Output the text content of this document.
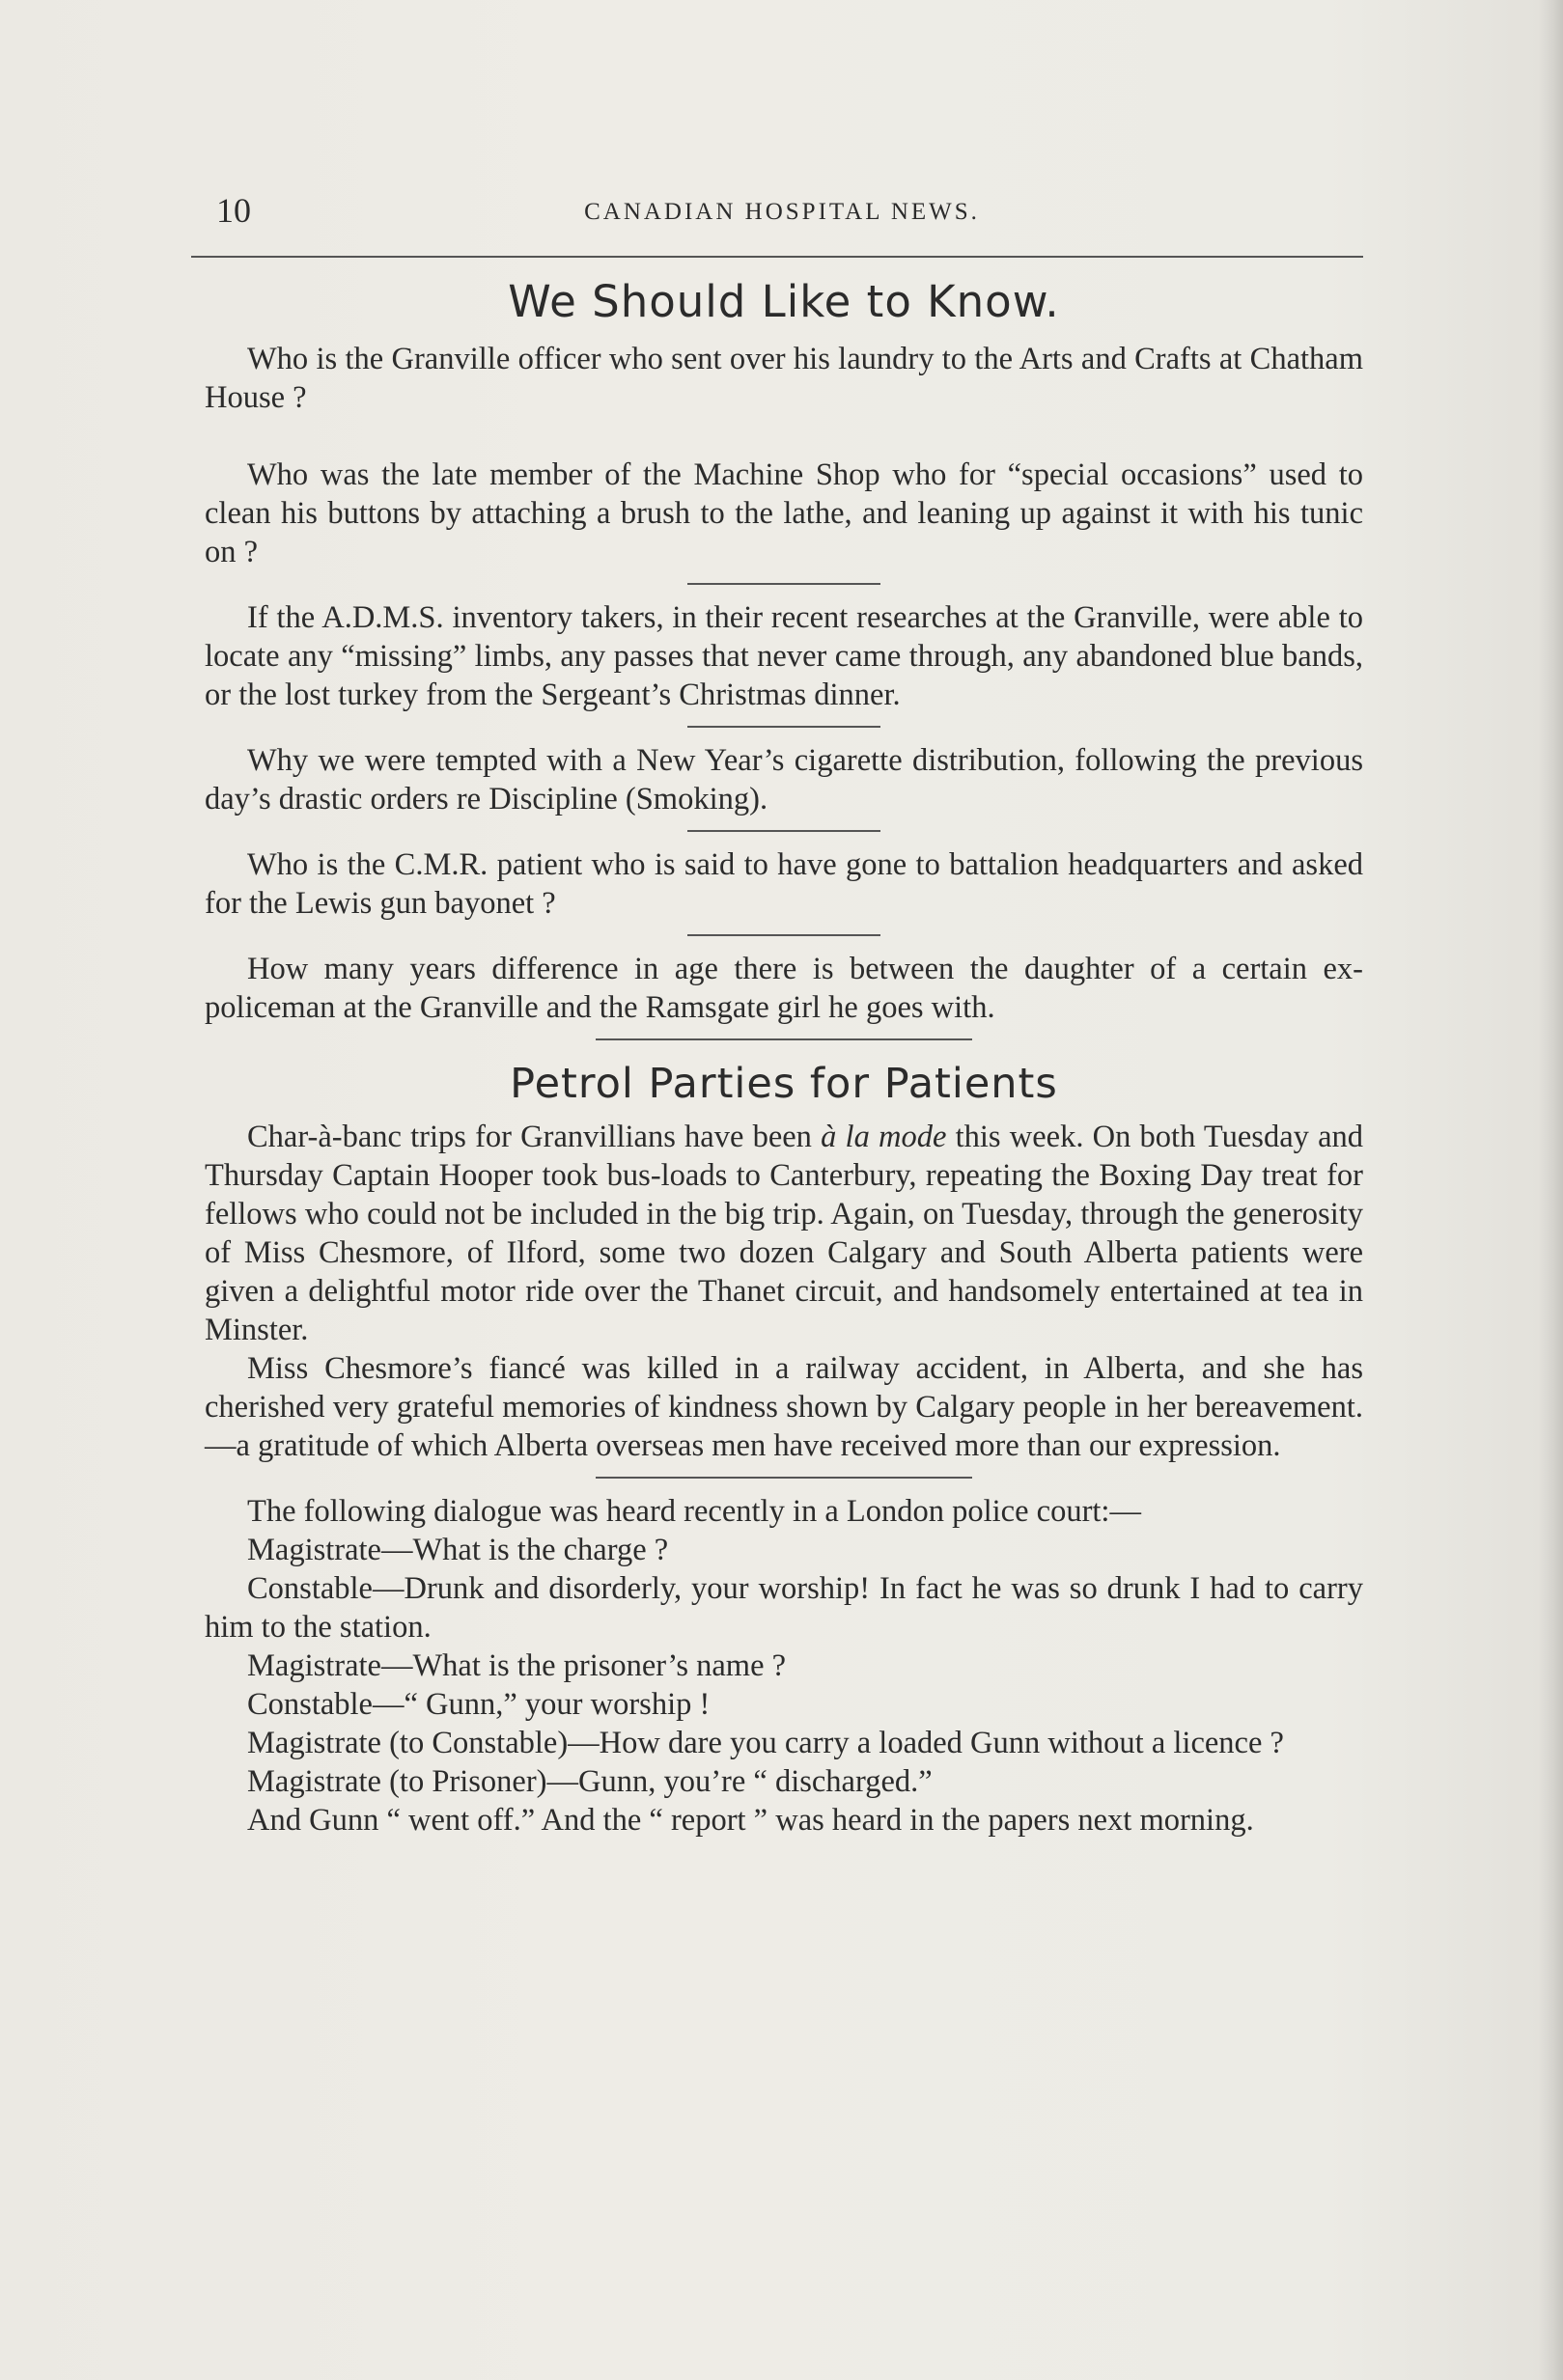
10	CANADIAN HOSPITAL NEWS.
We Should Like to Know.

Who is the Granville officer who sent over his laundry to the Arts and Crafts at Chatham House ?

Who was the late member of the Machine Shop who for “special occasions” used to clean his buttons by attaching a brush to the lathe, and leaning up against it with his tunic on ?

If the A.D.M.S. inventory takers, in their recent researches at the Granville, were able to locate any “missing” limbs, any passes that never came through, any abandoned blue bands, or the lost turkey from the Sergeant’s Christmas dinner.

Why we were tempted with a New Year’s cigarette distribution, following the previous day’s drastic orders re Discipline (Smoking).

Who is the C.M.R. patient who is said to have gone to battalion headquarters and asked for the Lewis gun bayonet ?

How many years difference in age there is between the daughter of a certain ex-policeman at the Granville and the Ramsgate girl he goes with.

Petrol Parties for Patients

Char-à-banc trips for Granvillians have been à la mode this week. On both Tuesday and Thursday Captain Hooper took bus-loads to Canterbury, repeating the Boxing Day treat for fellows who could not be included in the big trip. Again, on Tuesday, through the generosity of Miss Chesmore, of Ilford, some two dozen Calgary and South Alberta patients were given a delightful motor ride over the Thanet circuit, and handsomely entertained at tea in Minster.

Miss Chesmore’s fiancé was killed in a railway accident, in Alberta, and she has cherished very grateful memories of kindness shown by Calgary people in her bereavement.—a gratitude of which Alberta overseas men have received more than our expression.

The following dialogue was heard recently in a London police court:—

Magistrate—What is the charge ?

Constable—Drunk and disorderly, your worship! In fact he was so drunk I had to carry him to the station.

Magistrate—What is the prisoner’s name ?

Constable—“ Gunn,” your worship !

Magistrate (to Constable)—How dare you carry a loaded Gunn without a licence ?

Magistrate (to Prisoner)—Gunn, you’re “ discharged.”

And Gunn “ went off.” And the “ report ” was heard in the papers next morning.
